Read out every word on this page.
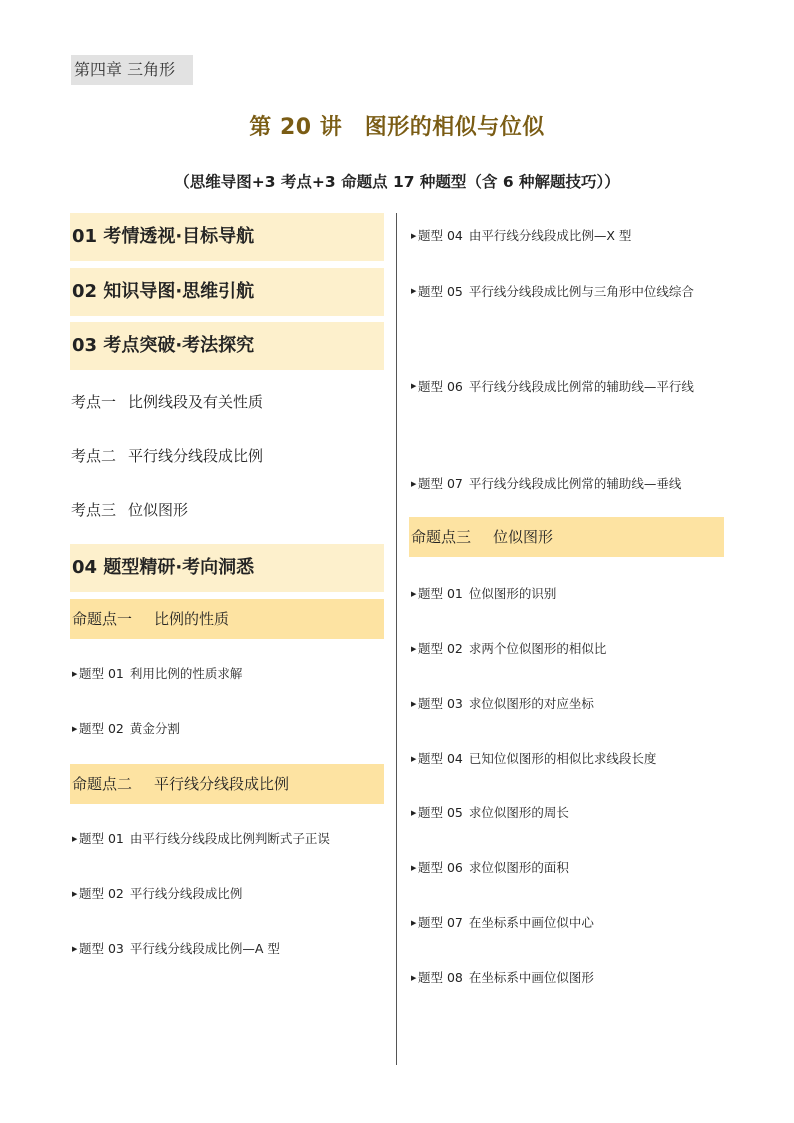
第四章 三角形
第 20 讲　图形的相似与位似
（思维导图+3 考点+3 命题点 17 种题型（含 6 种解题技巧））
01 考情透视·目标导航
02 知识导图·思维引航
03 考点突破·考法探究
考点一 比例线段及有关性质
考点二 平行线分线段成比例
考点三 位似图形
04 题型精研·考向洞悉
命题点一 比例的性质
▶ 题型 01 利用比例的性质求解
▶ 题型 02 黄金分割
命题点二 平行线分线段成比例
▶ 题型 01 由平行线分线段成比例判断式子正误
▶ 题型 02 平行线分线段成比例
▶ 题型 03 平行线分线段成比例—A 型
▶ 题型 04 由平行线分线段成比例—X 型
▶ 题型 05 平行线分线段成比例与三角形中位线综合
▶ 题型 06 平行线分线段成比例常的辅助线—平行线
▶ 题型 07 平行线分线段成比例常的辅助线—垂线
命题点三 位似图形
▶ 题型 01 位似图形的识别
▶ 题型 02 求两个位似图形的相似比
▶ 题型 03 求位似图形的对应坐标
▶ 题型 04 已知位似图形的相似比求线段长度
▶ 题型 05 求位似图形的周长
▶ 题型 06 求位似图形的面积
▶ 题型 07 在坐标系中画位似中心
▶ 题型 08 在坐标系中画位似图形
